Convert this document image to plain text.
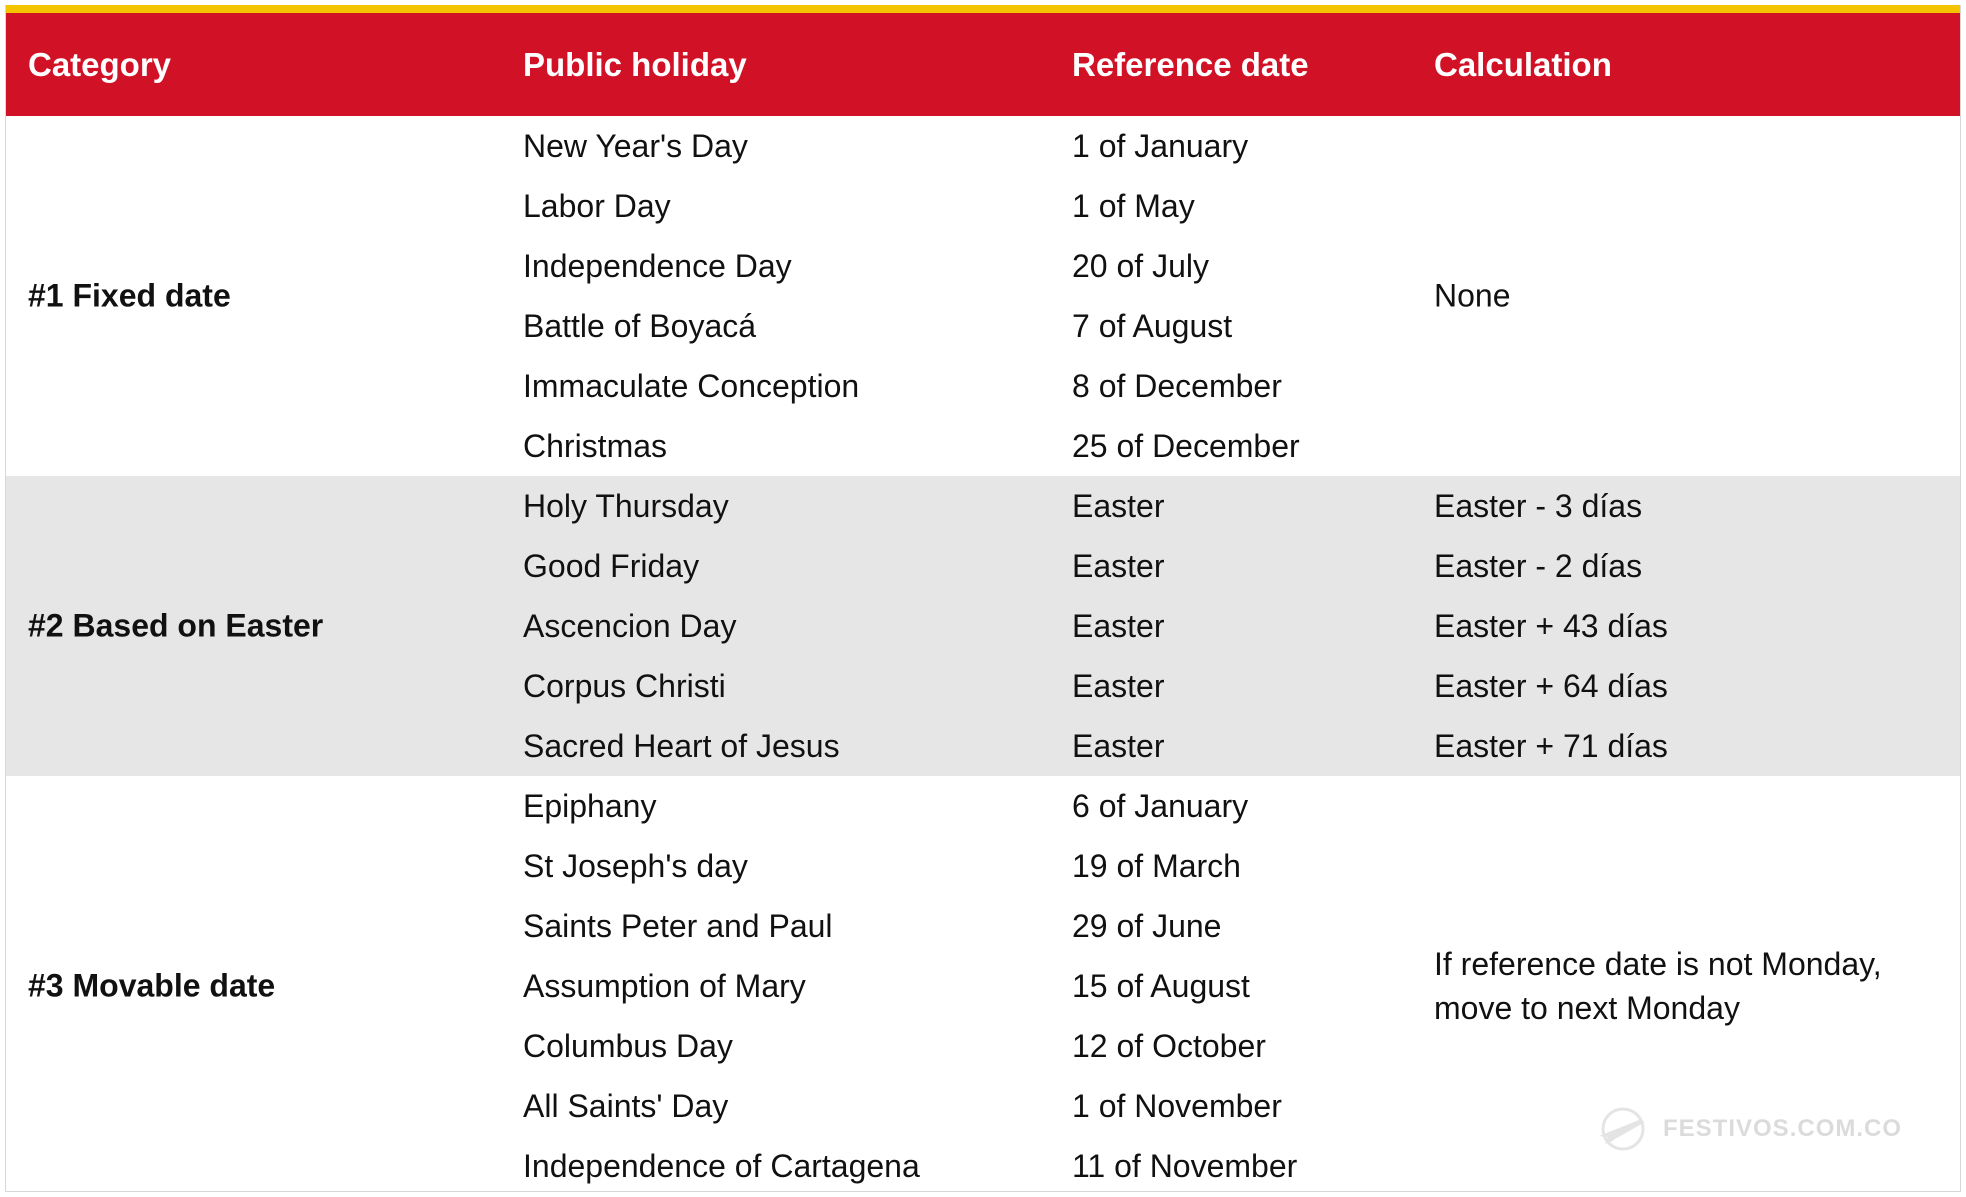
Category	Public holiday	Reference date	Calculation
#1 Fixed date	None
New Year's Day	1 of January
Labor Day	1 of May
Independence Day	20 of July
Battle of Boyacá	7 of August
Immaculate Conception	8 of December
Christmas	25 of December
#2 Based on Easter
Holy Thursday	Easter	Easter - 3 días
Good Friday	Easter	Easter - 2 días
Ascencion Day	Easter	Easter + 43 días
Corpus Christi	Easter	Easter + 64 días
Sacred Heart of Jesus	Easter	Easter + 71 días
#3 Movable date
If reference date is not Monday,
move to next Monday
Epiphany	6 of January
St Joseph's day	19 of March
Saints Peter and Paul	29 of June
Assumption of Mary	15 of August
Columbus Day	12 of October
All Saints' Day	1 of November
Independence of Cartagena	11 of November
FESTIVOS.COM.CO
